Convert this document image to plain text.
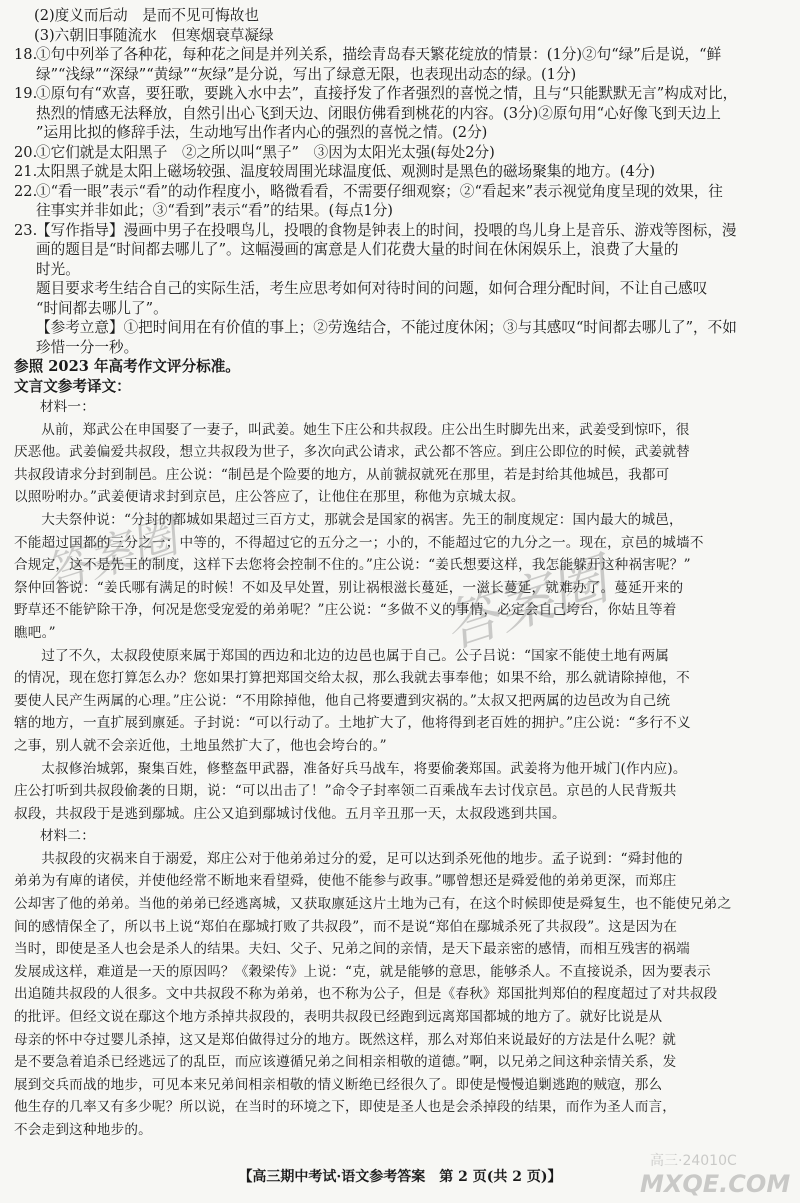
(2)度义而后动　是而不见可悔故也

(3)六朝旧事随流水　但寒烟衰草凝绿

18.①句中列举了各种花，每种花之间是并列关系，描绘青岛春天繁花绽放的情景：(1分)②句“绿”后是说，“鲜

绿”“浅绿”“深绿”“黄绿”“灰绿”是分说，写出了绿意无限，也表现出动态的绿。(1分)

19.①原句有“欢喜，要狂歌，要跳入水中去”，直接抒发了作者强烈的喜悦之情，且与“只能默默无言”构成对比，

热烈的情感无法释放，自然引出心飞到天边、闭眼仿佛看到桃花的内容。(3分)②原句用“心好像飞到天边上

”运用比拟的修辞手法，生动地写出作者内心的强烈的喜悦之情。(2分)

20.①它们就是太阳黑子　②之所以叫“黑子”　③因为太阳光太强(每处2分)

21.太阳黑子就是太阳上磁场较强、温度较周围光球温度低、观测时是黑色的磁场聚集的地方。(4分)

22.①“看一眼”表示“看”的动作程度小，略微看看，不需要仔细观察；②“看起来”表示视觉角度呈现的效果，往

往事实并非如此；③“看到”表示“看”的结果。(每点1分)

23.【写作指导】漫画中男子在投喂鸟儿，投喂的食物是钟表上的时间，投喂的鸟儿身上是音乐、游戏等图标，漫

画的题目是“时间都去哪儿了”。这幅漫画的寓意是人们花费大量的时间在休闲娱乐上，浪费了大量的

时光。

题目要求考生结合自己的实际生活，考生应思考如何对待时间的问题，如何合理分配时间，不让自己感叹

“时间都去哪儿了”。

【参考立意】①把时间用在有价值的事上；②劳逸结合，不能过度休闲；③与其感叹“时间都去哪儿了”，不如

珍惜一分一秒。

参照 2023 年高考作文评分标准。

文言文参考译文：

材料一：

从前，郑武公在申国娶了一妻子，叫武姜。她生下庄公和共叔段。庄公出生时脚先出来，武姜受到惊吓，很

厌恶他。武姜偏爱共叔段，想立共叔段为世子，多次向武公请求，武公都不答应。到庄公即位的时候，武姜就替

共叔段请求分封到制邑。庄公说：“制邑是个险要的地方，从前虢叔就死在那里，若是封给其他城邑，我都可

以照吩咐办。”武姜便请求封到京邑，庄公答应了，让他住在那里，称他为京城太叔。

大夫祭仲说：“分封的都城如果超过三百方丈，那就会是国家的祸害。先王的制度规定：国内最大的城邑，

不能超过国都的三分之一；中等的，不得超过它的五分之一；小的，不能超过它的九分之一。现在，京邑的城墙不

合规定，这不是先王的制度，这样下去您将会控制不住的。”庄公说：“姜氏想要这样，我怎能躲开这种祸害呢？”

祭仲回答说：“姜氏哪有满足的时候！不如及早处置，别让祸根滋长蔓延，一滋长蔓延，就难办了。蔓延开来的

野草还不能铲除干净，何况是您受宠爱的弟弟呢？”庄公说：“多做不义的事情，必定会自己垮台，你姑且等着

瞧吧。”

过了不久，太叔段使原来属于郑国的西边和北边的边邑也属于自己。公子吕说：“国家不能使土地有两属

的情况，现在您打算怎么办？您如果打算把郑国交给太叔，那么我就去事奉他；如果不给，那么就请除掉他，不

要使人民产生两属的心理。”庄公说：“不用除掉他，他自己将要遭到灾祸的。”太叔又把两属的边邑改为自己统

辖的地方，一直扩展到廪延。子封说：“可以行动了。土地扩大了，他将得到老百姓的拥护。”庄公说：“多行不义

之事，别人就不会亲近他，土地虽然扩大了，他也会垮台的。”

太叔修治城郭，聚集百姓，修整盔甲武器，准备好兵马战车，将要偷袭郑国。武姜将为他开城门(作内应)。

庄公打听到共叔段偷袭的日期，说：“可以出击了！”命令子封率领二百乘战车去讨伐京邑。京邑的人民背叛共

叔段，共叔段于是逃到鄢城。庄公又追到鄢城讨伐他。五月辛丑那一天，太叔段逃到共国。

材料二：

共叔段的灾祸来自于溺爱，郑庄公对于他弟弟过分的爱，足可以达到杀死他的地步。孟子说到：“舜封他的

弟弟为有庳的诸侯，并使他经常不断地来看望舜，使他不能参与政事。”哪曾想还是舜爱他的弟弟更深，而郑庄

公却害了他的弟弟。当他的弟弟已经逃离城，又获取廪延这片土地为己有，在这个时候即使是舜复生，也不能使兄弟之

间的感情保全了，所以书上说“郑伯在鄢城打败了共叔段”，而不是说“郑伯在鄢城杀死了共叔段”。这是因为在

当时，即使是圣人也会是杀人的结果。夫妇、父子、兄弟之间的亲情，是天下最亲密的感情，而相互残害的祸端

发展成这样，难道是一天的原因吗？《穀梁传》上说：“克，就是能够的意思，能够杀人。不直接说杀，因为要表示

出追随共叔段的人很多。文中共叔段不称为弟弟，也不称为公子，但是《春秋》郑国批判郑伯的程度超过了对共叔段

的批评。但经文说在鄢这个地方杀掉共叔段的，表明共叔段已经跑到远离郑国都城的地方了。就好比说是从

母亲的怀中夺过婴儿杀掉，这又是郑伯做得过分的地方。既然这样，那么对郑伯来说最好的方法是什么呢？就

是不要急着追杀已经逃远了的乱臣，而应该遵循兄弟之间相亲相敬的道德。”啊，以兄弟之间这种亲情关系，发

展到交兵而战的地步，可见本来兄弟间相亲相敬的情义断绝已经很久了。即使是慢慢追剿逃跑的贼寇，那么

他生存的几率又有多少呢？所以说，在当时的环境之下，即使是圣人也是会杀掉段的结果，而作为圣人而言，

不会走到这种地步的。

【高三期中考试·语文参考答案　第 2 页(共 2 页)】
答案圈	答案圈
高三·24010C
MXQE.COM
